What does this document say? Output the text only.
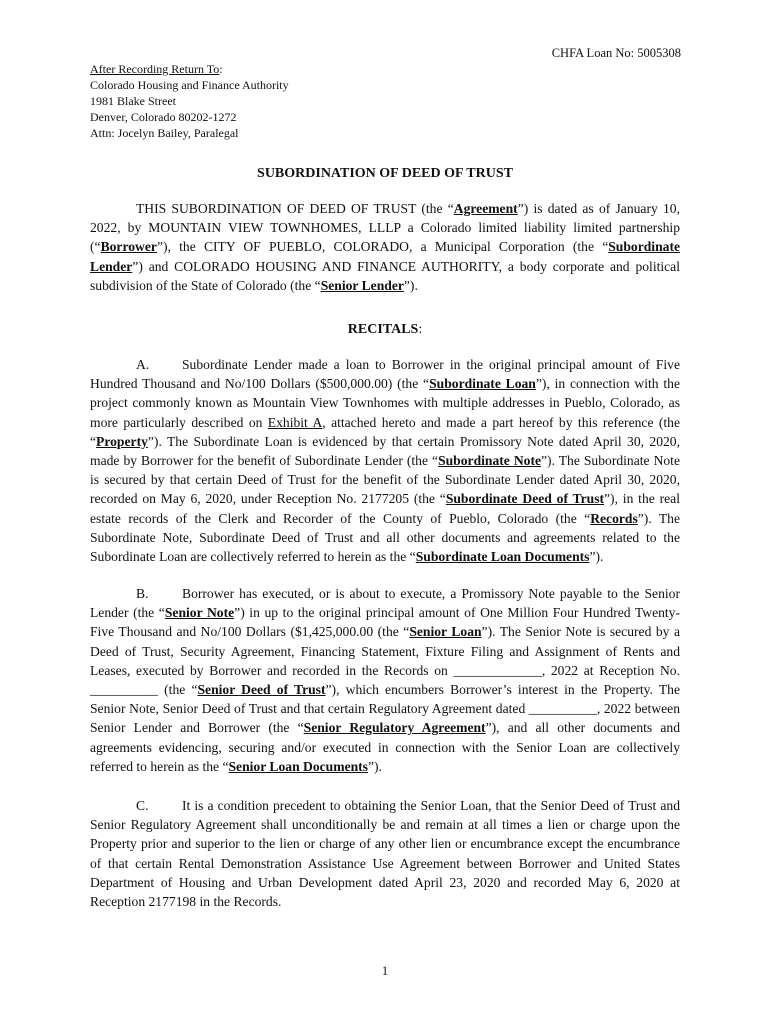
CHFA Loan No: 5005308
After Recording Return To:
Colorado Housing and Finance Authority
1981 Blake Street
Denver, Colorado 80202-1272
Attn: Jocelyn Bailey, Paralegal
SUBORDINATION OF DEED OF TRUST
THIS SUBORDINATION OF DEED OF TRUST (the “Agreement”) is dated as of January 10, 2022, by MOUNTAIN VIEW TOWNHOMES, LLLP a Colorado limited liability limited partnership (“Borrower”), the CITY OF PUEBLO, COLORADO, a Municipal Corporation (the “Subordinate Lender”) and COLORADO HOUSING AND FINANCE AUTHORITY, a body corporate and political subdivision of the State of Colorado (the “Senior Lender”).
RECITALS:
A. Subordinate Lender made a loan to Borrower in the original principal amount of Five Hundred Thousand and No/100 Dollars ($500,000.00) (the “Subordinate Loan”), in connection with the project commonly known as Mountain View Townhomes with multiple addresses in Pueblo, Colorado, as more particularly described on Exhibit A, attached hereto and made a part hereof by this reference (the “Property”). The Subordinate Loan is evidenced by that certain Promissory Note dated April 30, 2020, made by Borrower for the benefit of Subordinate Lender (the “Subordinate Note”). The Subordinate Note is secured by that certain Deed of Trust for the benefit of the Subordinate Lender dated April 30, 2020, recorded on May 6, 2020, under Reception No. 2177205 (the “Subordinate Deed of Trust”), in the real estate records of the Clerk and Recorder of the County of Pueblo, Colorado (the “Records”). The Subordinate Note, Subordinate Deed of Trust and all other documents and agreements related to the Subordinate Loan are collectively referred to herein as the “Subordinate Loan Documents”).
B. Borrower has executed, or is about to execute, a Promissory Note payable to the Senior Lender (the “Senior Note”) in up to the original principal amount of One Million Four Hundred Twenty-Five Thousand and No/100 Dollars ($1,425,000.00 (the “Senior Loan”). The Senior Note is secured by a Deed of Trust, Security Agreement, Financing Statement, Fixture Filing and Assignment of Rents and Leases, executed by Borrower and recorded in the Records on _____________, 2022 at Reception No. __________ (the “Senior Deed of Trust”), which encumbers Borrower’s interest in the Property. The Senior Note, Senior Deed of Trust and that certain Regulatory Agreement dated __________, 2022 between Senior Lender and Borrower (the “Senior Regulatory Agreement”), and all other documents and agreements evidencing, securing and/or executed in connection with the Senior Loan are collectively referred to herein as the “Senior Loan Documents”).
C. It is a condition precedent to obtaining the Senior Loan, that the Senior Deed of Trust and Senior Regulatory Agreement shall unconditionally be and remain at all times a lien or charge upon the Property prior and superior to the lien or charge of any other lien or encumbrance except the encumbrance of that certain Rental Demonstration Assistance Use Agreement between Borrower and United States Department of Housing and Urban Development dated April 23, 2020 and recorded May 6, 2020 at Reception 2177198 in the Records.
1
